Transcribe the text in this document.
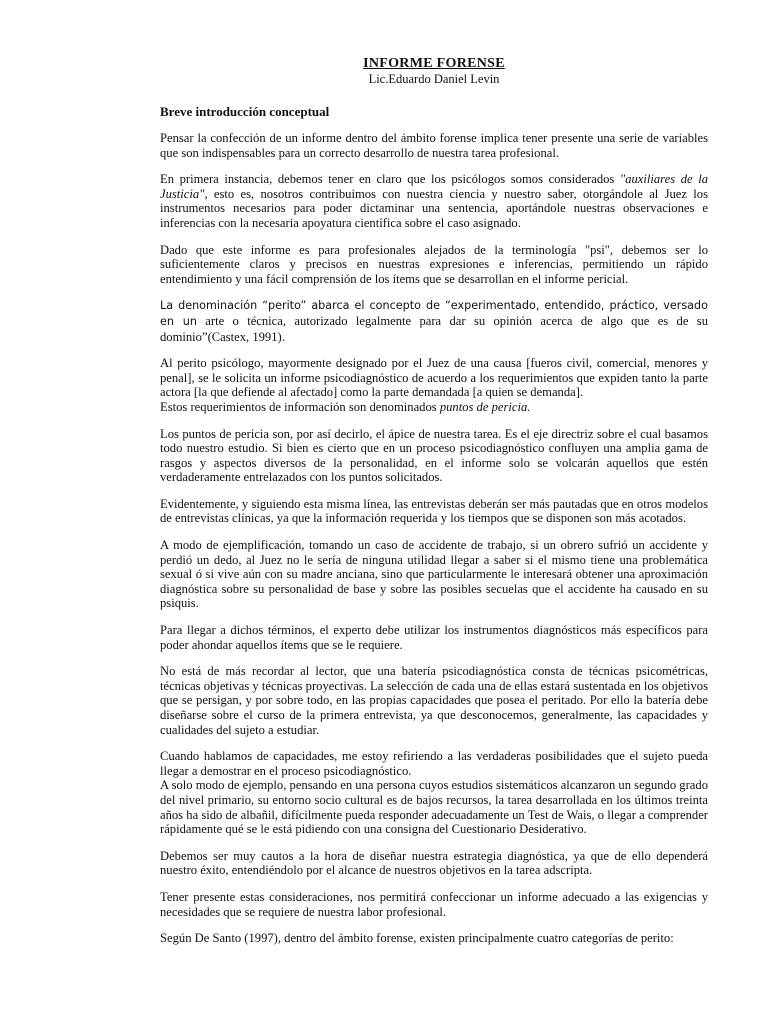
INFORME FORENSE
Lic.Eduardo Daniel Levin
Breve introducción conceptual

Pensar la confección de un informe dentro del ámbito forense implica tener presente una serie de variables que son indispensables para un correcto desarrollo de nuestra tarea profesional.

En primera instancia, debemos tener en claro que los psicólogos somos considerados "auxiliares de la Justicia", esto es, nosotros contribuimos con nuestra ciencia y nuestro saber, otorgándole al Juez los instrumentos necesarios para poder dictaminar una sentencia, aportándole nuestras observaciones e inferencias con la necesaria apoyatura científica sobre el caso asignado.

Dado que este informe es para profesionales alejados de la terminología "psi", debemos ser lo suficientemente claros y precisos en nuestras expresiones e inferencias, permitiendo un rápido entendimiento y una fácil comprensión de los ítems que se desarrollan en el informe pericial.

La denominación “perito” abarca el concepto de “experimentado, entendido, práctico, versado en un arte o técnica, autorizado legalmente para dar su opinión acerca de algo que es de su dominio”(Castex, 1991).

Al perito psicólogo, mayormente designado por el Juez de una causa [fueros civil, comercial, menores y penal], se le solicita un informe psicodiagnóstico de acuerdo a los requerimientos que expiden tanto la parte actora [la que defiende al afectado] como la parte demandada [a quien se demanda].
Estos requerimientos de información son denominados puntos de pericia.

Los puntos de pericia son, por así decirlo, el ápice de nuestra tarea. Es el eje directriz sobre el cual basamos todo nuestro estudio. Si bien es cierto que en un proceso psicodiagnóstico confluyen una amplia gama de rasgos y aspectos diversos de la personalidad, en el informe solo se volcarán aquellos que estén verdaderamente entrelazados con los puntos solicitados.

Evidentemente, y siguiendo esta misma línea, las entrevistas deberán ser más pautadas que en otros modelos de entrevistas clínicas, ya que la información requerida y los tiempos que se disponen son más acotados.

A modo de ejemplificación, tomando un caso de accidente de trabajo, si un obrero sufrió un accidente y perdió un dedo, al Juez no le sería de ninguna utilidad llegar a saber si el mismo tiene una problemática sexual ó si vive aún con su madre anciana, sino que particularmente le interesará obtener una aproximación diagnóstica sobre su personalidad de base y sobre las posibles secuelas que el accidente ha causado en su psiquis.

Para llegar a dichos términos, el experto debe utilizar los instrumentos diagnósticos más específicos para poder ahondar aquellos ítems que se le requiere.

No está de más recordar al lector, que una batería psicodiagnóstica consta de técnicas psicométricas, técnicas objetivas y técnicas proyectivas. La selección de cada una de ellas estará sustentada en los objetivos que se persigan, y por sobre todo, en las propias capacidades que posea el peritado. Por ello la batería debe diseñarse sobre el curso de la primera entrevista, ya que desconocemos, generalmente, las capacidades y cualidades del sujeto a estudiar.

Cuando hablamos de capacidades, me estoy refiriendo a las verdaderas posibilidades que el sujeto pueda llegar a demostrar en el proceso psicodiagnóstico.
A solo modo de ejemplo, pensando en una persona cuyos estudios sistemáticos alcanzaron un segundo grado del nivel primario, su entorno socio cultural es de bajos recursos, la tarea desarrollada en los últimos treinta años ha sido de albañil, difícilmente pueda responder adecuadamente un Test de Wais, o llegar a comprender rápidamente qué se le está pidiendo con una consigna del Cuestionario Desiderativo.

Debemos ser muy cautos a la hora de diseñar nuestra estrategia diagnóstica, ya que de ello dependerá nuestro éxito, entendiéndolo por el alcance de nuestros objetivos en la tarea adscripta.

Tener presente estas consideraciones, nos permitirá confeccionar un informe adecuado a las exigencias y necesidades que se requiere de nuestra labor profesional.

Según De Santo (1997), dentro del ámbito forense, existen principalmente cuatro categorías de perito:
